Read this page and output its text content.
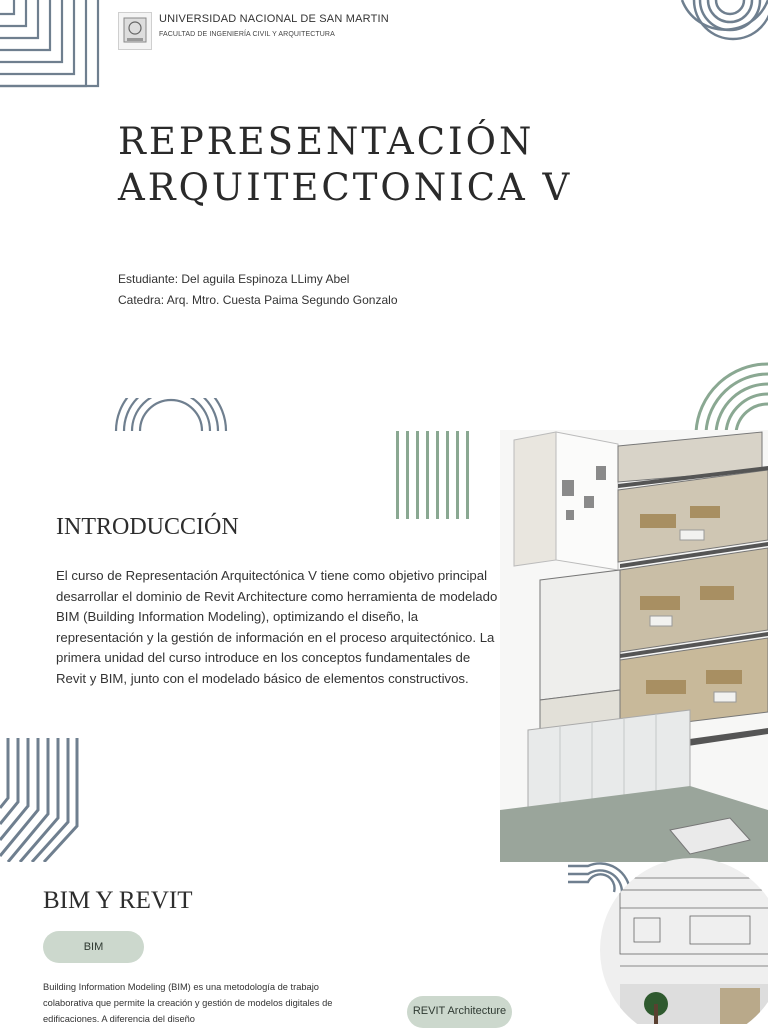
UNIVERSIDAD NACIONAL DE SAN MARTIN
FACULTAD DE INGENIERÍA CIVIL Y ARQUITECTURA
REPRESENTACIÓN
ARQUITECTONICA V
Estudiante: Del aguila Espinoza LLimy Abel
Catedra: Arq. Mtro. Cuesta Paima Segundo Gonzalo
INTRODUCCIÓN
El curso de Representación Arquitectónica V tiene como objetivo principal desarrollar el dominio de Revit Architecture como herramienta de modelado BIM (Building Information Modeling), optimizando el diseño, la representación y la gestión de información en el proceso arquitectónico. La primera unidad del curso introduce en los conceptos fundamentales de Revit y BIM, junto con el modelado básico de elementos constructivos.
BIM Y REVIT
BIM
Building Information Modeling (BIM) es una metodología de trabajo colaborativa que permite la creación y gestión de modelos digitales de edificaciones. A diferencia del diseño
REVIT Architecture
